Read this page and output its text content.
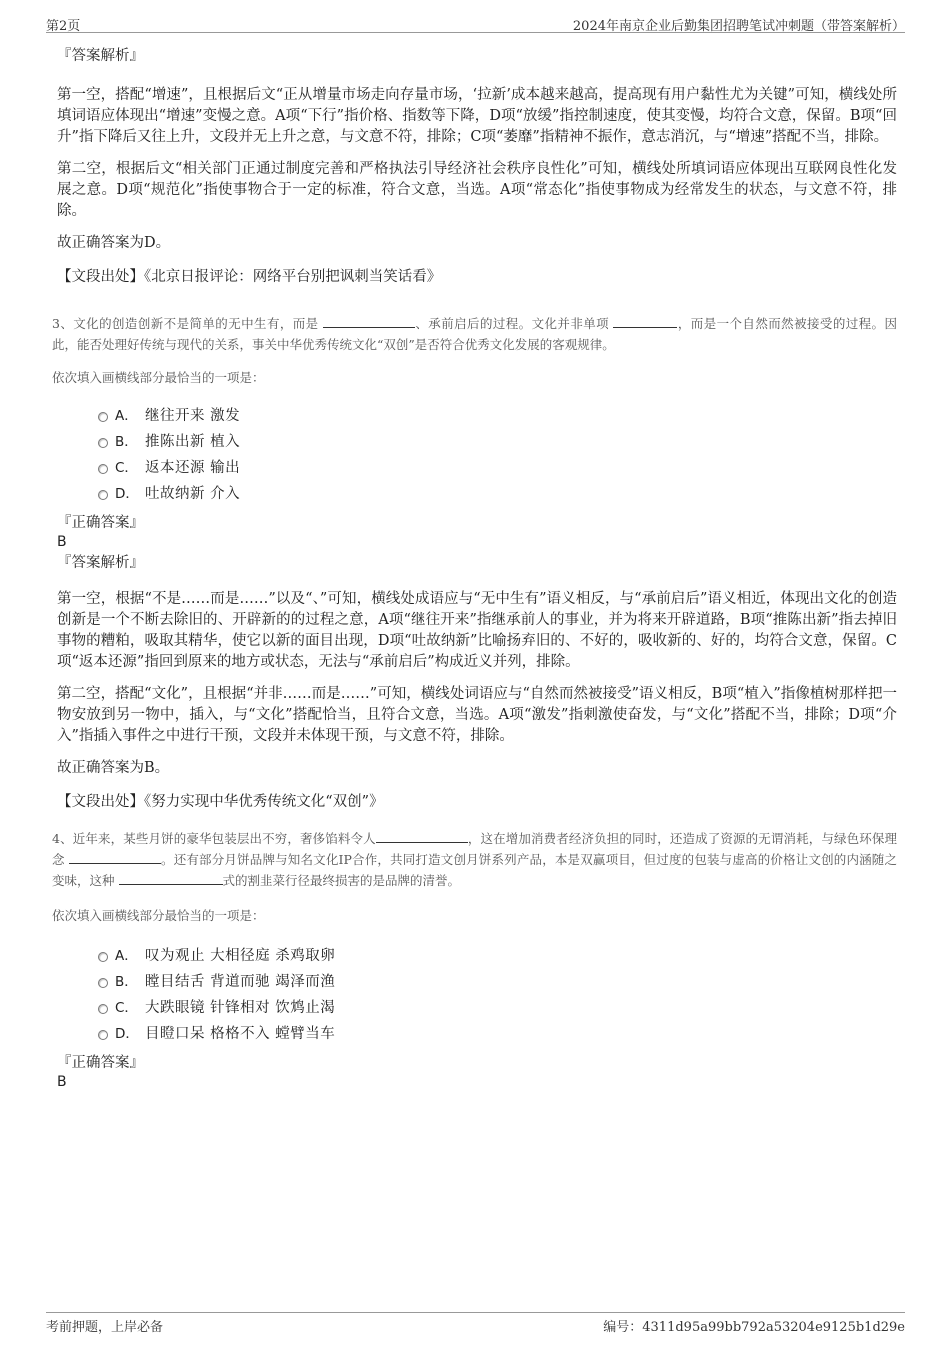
第2页	2024年南京企业后勤集团招聘笔试冲刺题（带答案解析）

『答案解析』

第一空，搭配“增速”，且根据后文“正从增量市场走向存量市场，‘拉新’成本越来越高，提高现有用户黏性尤为关键”可知，横线处所填词语应体现出“增速”变慢之意。A项“下行”指价格、指数等下降，D项“放缓”指控制速度，使其变慢，均符合文意，保留。B项“回升”指下降后又往上升，文段并无上升之意，与文意不符，排除；C项“萎靡”指精神不振作，意志消沉，与“增速”搭配不当，排除。

第二空，根据后文“相关部门正通过制度完善和严格执法引导经济社会秩序良性化”可知，横线处所填词语应体现出互联网良性化发展之意。D项“规范化”指使事物合于一定的标准，符合文意，当选。A项“常态化”指使事物成为经常发生的状态，与文意不符，排除。

故正确答案为D。

【文段出处】《北京日报评论：网络平台别把讽刺当笑话看》

3、文化的创造创新不是简单的无中生有，而是	、承前启后的过程。文化并非单项	，而是一个自然而然被接受的过程。因此，能否处理好传统与现代的关系，事关中华优秀传统文化“双创”是否符合优秀文化发展的客观规律。

依次填入画横线部分最恰当的一项是：

A． 继往开来 激发
B． 推陈出新 植入
C． 返本还源 输出
D． 吐故纳新 介入

『正确答案』

B

『答案解析』

第一空，根据“不是……而是……”以及“、”可知，横线处成语应与“无中生有”语义相反，与“承前启后”语义相近，体现出文化的创造创新是一个不断去除旧的、开辟新的的过程之意，A项“继往开来”指继承前人的事业，并为将来开辟道路，B项“推陈出新”指去掉旧事物的糟粕，吸取其精华，使它以新的面目出现，D项“吐故纳新”比喻扬弃旧的、不好的，吸收新的、好的，均符合文意，保留。C项“返本还源”指回到原来的地方或状态，无法与“承前启后”构成近义并列，排除。

第二空，搭配“文化”，且根据“并非……而是……”可知，横线处词语应与“自然而然被接受”语义相反，B项“植入”指像植树那样把一物安放到另一物中，插入，与“文化”搭配恰当，且符合文意，当选。A项“激发”指刺激使奋发，与“文化”搭配不当，排除；D项“介入”指插入事件之中进行干预，文段并未体现干预，与文意不符，排除。

故正确答案为B。

【文段出处】《努力实现中华优秀传统文化“双创”》

4、近年来，某些月饼的豪华包装层出不穷，奢侈馅料令人	，这在增加消费者经济负担的同时，还造成了资源的无谓消耗，与绿色环保理念	。还有部分月饼品牌与知名文化IP合作，共同打造文创月饼系列产品，本是双赢项目，但过度的包装与虚高的价格让文创的内涵随之变味，这种	式的割韭菜行径最终损害的是品牌的清誉。

依次填入画横线部分最恰当的一项是：

A． 叹为观止 大相径庭 杀鸡取卵
B． 瞠目结舌 背道而驰 竭泽而渔
C． 大跌眼镜 针锋相对 饮鸩止渴
D． 目瞪口呆 格格不入 螳臂当车

『正确答案』

B

考前押题，上岸必备	编号：4311d95a99bb792a53204e9125b1d29e
